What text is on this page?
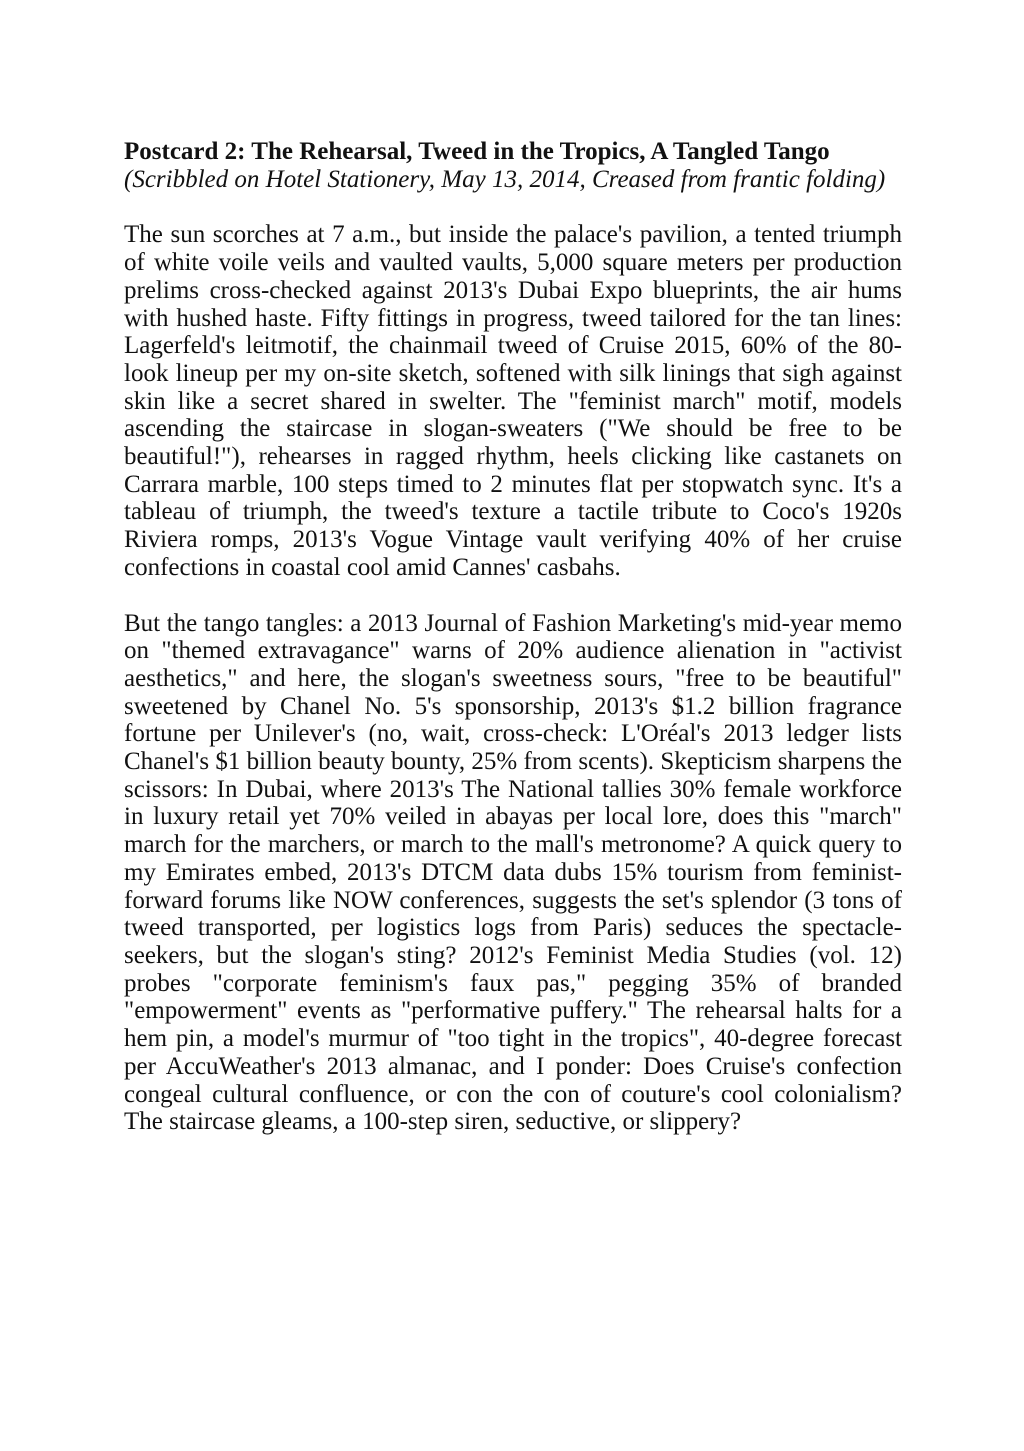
Postcard 2: The Rehearsal, Tweed in the Tropics, A Tangled Tango

(Scribbled on Hotel Stationery, May 13, 2014, Creased from frantic folding)

The sun scorches at 7 a.m., but inside the palace's pavilion, a tented triumph of white voile veils and vaulted vaults, 5,000 square meters per production prelims cross-checked against 2013's Dubai Expo blueprints, the air hums with hushed haste. Fifty fittings in progress, tweed tailored for the tan lines: Lagerfeld's leitmotif, the chainmail tweed of Cruise 2015, 60% of the 80-look lineup per my on-site sketch, softened with silk linings that sigh against skin like a secret shared in swelter. The "feminist march" motif, models ascending the staircase in slogan-sweaters ("We should be free to be beautiful!"), rehearses in ragged rhythm, heels clicking like castanets on Carrara marble, 100 steps timed to 2 minutes flat per stopwatch sync. It's a tableau of triumph, the tweed's texture a tactile tribute to Coco's 1920s Riviera romps, 2013's Vogue Vintage vault verifying 40% of her cruise confections in coastal cool amid Cannes' casbahs.

But the tango tangles: a 2013 Journal of Fashion Marketing's mid-year memo on "themed extravagance" warns of 20% audience alienation in "activist aesthetics," and here, the slogan's sweetness sours, "free to be beautiful" sweetened by Chanel No. 5's sponsorship, 2013's $1.2 billion fragrance fortune per Unilever's (no, wait, cross-check: L'Oréal's 2013 ledger lists Chanel's $1 billion beauty bounty, 25% from scents). Skepticism sharpens the scissors: In Dubai, where 2013's The National tallies 30% female workforce in luxury retail yet 70% veiled in abayas per local lore, does this "march" march for the marchers, or march to the mall's metronome? A quick query to my Emirates embed, 2013's DTCM data dubs 15% tourism from feminist-forward forums like NOW conferences, suggests the set's splendor (3 tons of tweed transported, per logistics logs from Paris) seduces the spectacle-seekers, but the slogan's sting? 2012's Feminist Media Studies (vol. 12) probes "corporate feminism's faux pas," pegging 35% of branded "empowerment" events as "performative puffery." The rehearsal halts for a hem pin, a model's murmur of "too tight in the tropics", 40-degree forecast per AccuWeather's 2013 almanac, and I ponder: Does Cruise's confection congeal cultural confluence, or con the con of couture's cool colonialism? The staircase gleams, a 100-step siren, seductive, or slippery?
